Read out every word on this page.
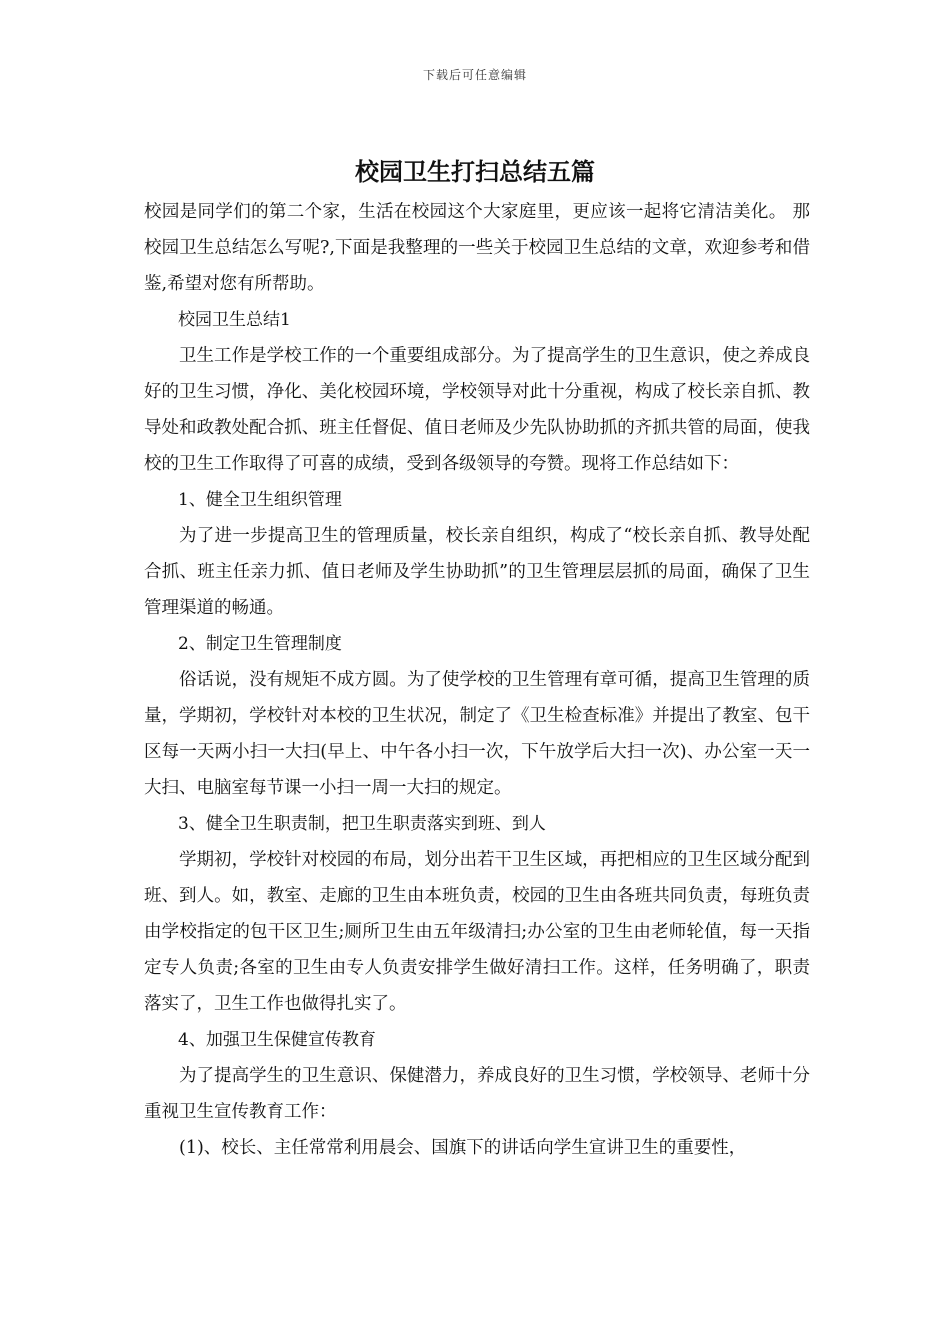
下载后可任意编辑
校园卫生打扫总结五篇

校园是同学们的第二个家，生活在校园这个大家庭里，更应该一起将它清洁美化。 那校园卫生总结怎么写呢?,下面是我整理的一些关于校园卫生总结的文章，欢迎参考和借鉴,希望对您有所帮助。

校园卫生总结1

卫生工作是学校工作的一个重要组成部分。为了提高学生的卫生意识，使之养成良好的卫生习惯，净化、美化校园环境，学校领导对此十分重视，构成了校长亲自抓、教导处和政教处配合抓、班主任督促、值日老师及少先队协助抓的齐抓共管的局面，使我校的卫生工作取得了可喜的成绩，受到各级领导的夸赞。现将工作总结如下：

1、健全卫生组织管理

为了进一步提高卫生的管理质量，校长亲自组织，构成了“校长亲自抓、教导处配合抓、班主任亲力抓、值日老师及学生协助抓”的卫生管理层层抓的局面，确保了卫生管理渠道的畅通。

2、制定卫生管理制度

俗话说，没有规矩不成方圆。为了使学校的卫生管理有章可循，提高卫生管理的质量，学期初，学校针对本校的卫生状况，制定了《卫生检查标准》并提出了教室、包干区每一天两小扫一大扫(早上、中午各小扫一次，下午放学后大扫一次)、办公室一天一大扫、电脑室每节课一小扫一周一大扫的规定。

3、健全卫生职责制，把卫生职责落实到班、到人

学期初，学校针对校园的布局，划分出若干卫生区域，再把相应的卫生区域分配到班、到人。如，教室、走廊的卫生由本班负责，校园的卫生由各班共同负责，每班负责由学校指定的包干区卫生;厕所卫生由五年级清扫;办公室的卫生由老师轮值，每一天指定专人负责;各室的卫生由专人负责安排学生做好清扫工作。这样，任务明确了，职责落实了，卫生工作也做得扎实了。

4、加强卫生保健宣传教育

为了提高学生的卫生意识、保健潜力，养成良好的卫生习惯，学校领导、老师十分重视卫生宣传教育工作：

(1)、校长、主任常常利用晨会、国旗下的讲话向学生宣讲卫生的重要性，
